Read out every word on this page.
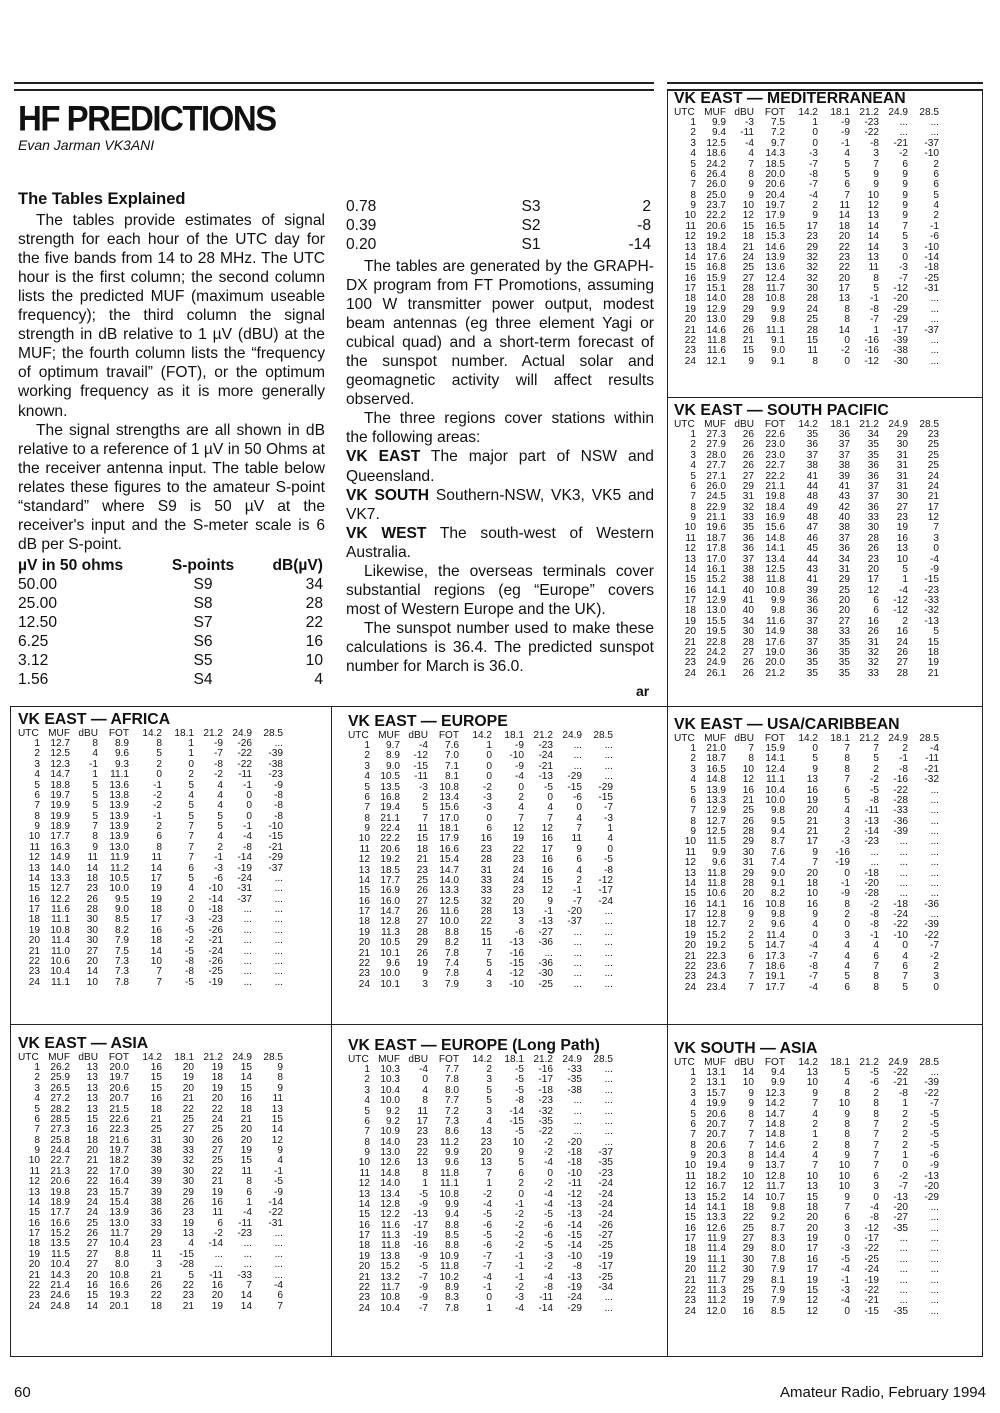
HF PREDICTIONS
Evan Jarman VK3ANI

The Tables Explained

The tables provide estimates of signal strength for each hour of the UTC day for the five bands from 14 to 28 MHz. The UTC hour is the first column; the second column lists the predicted MUF (maximum useable frequency); the third column the signal strength in dB relative to 1 µV (dBU) at the MUF; the fourth column lists the “frequency of optimum travail” (FOT), or the optimum working frequency as it is more generally known.

The signal strengths are all shown in dB relative to a reference of 1 µV in 50 Ohms at the receiver antenna input. The table below relates these figures to the amateur S-point “standard” where S9 is 50 µV at the receiver's input and the S-meter scale is 6 dB per S-point.

µV in 50 ohms	S-points	dB(µV)
50.00	S9	34
25.00	S8	28
12.50	S7	22
6.25	S6	16
3.12	S5	10
1.56	S4	4
0.78	S3	2
0.39	S2	-8
0.20	S1	-14

The tables are generated by the GRAPH-DX program from FT Promotions, assuming 100 W transmitter power output, modest beam antennas (eg three element Yagi or cubical quad) and a short-term forecast of the sunspot number. Actual solar and geomagnetic activity will affect results observed.

The three regions cover stations within the following areas:

VK EAST The major part of NSW and Queensland.

VK SOUTH Southern-NSW, VK3, VK5 and VK7.

VK WEST The south-west of Western Australia.

Likewise, the overseas terminals cover substantial regions (eg “Europe” covers most of Western Europe and the UK).

The sunspot number used to make these calculations is 36.4. The predicted sunspot number for March is 36.0.

ar
VK EAST — MEDITERRANEAN
UTC MUF dBU	FOT	14.2	18.1 21.2 24.9	28.5
1	9.9	-3	7.5	1	-9	-23	...	...
2	9.4	-11	7.2	0	-9	-22	...	...
3	12.5	-4	9.7	0	-1	-8	-21	-37
4	18.6	4	14.3	-3	4	3	-2	-10
5	24.2	7	18.5	-7	5	7	6	2
6	26.4	8	20.0	-8	5	9	9	6
7	26.0	9	20.6	-7	6	9	9	6
8	25.0	9	20.4	-4	7	10	9	5
9	23.7	10	19.7	2	11	12	9	4
10	22.2	12	17.9	9	14	13	9	2
11	20.6	15	16.5	17	18	14	7	-1
12	19.2	18	15.3	23	20	14	5	-6
13	18.4	21	14.6	29	22	14	3	-10
14	17.6	24	13.9	32	23	13	0	-14
15	16.8	25	13.6	32	22	11	-3	-18
16	15.9	27	12.4	32	20	8	-7	-25
17	15.1	28	11.7	30	17	5	-12	-31
18	14.0	28	10.8	28	13	-1	-20	...
19	12.9	29	9.9	24	8	-8	-29	...
20	13.0	29	9.8	25	8	-7	-29	...
21	14.6	26	11.1	28	14	1	-17	-37
22	11.8	21	9.1	15	0	-16	-39	...
23	11.6	15	9.0	11	-2	-16	-38	...
24	12.1	9	9.1	8	0	-12	-30	...
VK EAST — SOUTH PACIFIC
UTC MUF dBU	FOT	14.2	18.1 21.2 24.9	28.5
1	27.3	26	22.6	35	36	34	29	23
2	27.9	26	23.0	36	37	35	30	25
3	28.0	26	23.0	37	37	35	31	25
4	27.7	26	22.7	38	38	36	31	25
5	27.1	27	22.2	41	39	36	31	24
6	26.0	29	21.1	44	41	37	31	24
7	24.5	31	19.8	48	43	37	30	21
8	22.9	32	18.4	49	42	36	27	17
9	21.1	33	16.9	48	40	33	23	12
10	19.6	35	15.6	47	38	30	19	7
11	18.7	36	14.8	46	37	28	16	3
12	17.8	36	14.1	45	36	26	13	0
13	17.0	37	13.4	44	34	23	10	-4
14	16.1	38	12.5	43	31	20	5	-9
15	15.2	38	11.8	41	29	17	1	-15
16	14.1	40	10.8	39	25	12	-4	-23
17	12.9	41	9.9	36	20	6	-12	-33
18	13.0	40	9.8	36	20	6	-12	-32
19	15.5	34	11.6	37	27	16	2	-13
20	19.5	30	14.9	38	33	26	16	5
21	22.8	28	17.6	37	35	31	24	15
22	24.2	27	19.0	36	35	32	26	18
23	24.9	26	20.0	35	35	32	27	19
24	26.1	26	21.2	35	35	33	28	21
VK EAST — AFRICA
UTC MUF dBU	FOT	14.2	18.1 21.2 24.9	28.5
1	12.7	8	8.9	8	1	-9	-26	...
2	12.5	4	9.6	5	1	-7	-22	-39
3	12.3	-1	9.3	2	0	-8	-22	-38
4	14.7	1	11.1	0	2	-2	-11	-23
5	18.8	5	13.6	-1	5	4	-1	-9
6	19.7	5	13.8	-2	4	4	0	-8
7	19.9	5	13.9	-2	5	4	0	-8
8	19.9	5	13.9	-1	5	5	0	-8
9	18.9	7	13.9	2	7	5	-1	-10
10	17.7	8	13.9	6	7	4	-4	-15
11	16.3	9	13.0	8	7	2	-8	-21
12	14.9	11	11.9	11	7	-1	-14	-29
13	14.0	14	11.2	14	6	-3	-19	-37
14	13.3	18	10.5	17	5	-6	-24	...
15	12.7	23	10.0	19	4	-10	-31	...
16	12.2	26	9.5	19	2	-14	-37	...
17	11.6	28	9.0	18	0	-18	...	...
18	11.1	30	8.5	17	-3	-23	...	...
19	10.8	30	8.2	16	-5	-26	...	...
20	11.4	30	7.9	18	-2	-21	...	...
21	11.0	27	7.5	14	-5	-24	...	...
22	10.6	20	7.3	10	-8	-26	...	...
23	10.4	14	7.3	7	-8	-25	...	...
24	11.1	10	7.8	7	-5	-19	...	...
VK EAST — EUROPE
UTC MUF dBU	FOT	14.2	18.1 21.2 24.9	28.5
1	9.7	-4	7.6	1	-9	-23	...	...
2	8.9	-12	7.0	0	-10	-24	...	...
3	9.0	-15	7.1	0	-9	-21	...	...
4	10.5	-11	8.1	0	-4	-13	-29	...
5	13.5	-3	10.8	-2	0	-5	-15	-29
6	16.8	2	13.4	-3	2	0	-6	-15
7	19.4	5	15.6	-3	4	4	0	-7
8	21.1	7	17.0	0	7	7	4	-3
9	22.4	11	18.1	6	12	12	7	1
10	22.2	15	17.9	16	19	16	11	4
11	20.6	18	16.6	23	22	17	9	0
12	19.2	21	15.4	28	23	16	6	-5
13	18.5	23	14.7	31	24	16	4	-8
14	17.7	25	14.0	33	24	15	2	-12
15	16.9	26	13.3	33	23	12	-1	-17
16	16.0	27	12.5	32	20	9	-7	-24
17	14.7	26	11.6	28	13	-1	-20	...
18	12.8	27	10.0	22	3	-13	-37	...
19	11.3	28	8.8	15	-6	-27	...	...
20	10.5	29	8.2	11	-13	-36	...	...
21	10.1	26	7.8	7	-16	...	...	...
22	9.6	19	7.4	5	-15	-36	...	...
23	10.0	9	7.8	4	-12	-30	...	...
24	10.1	3	7.9	3	-10	-25	...	...
VK EAST — USA/CARIBBEAN
UTC MUF dBU	FOT	14.2	18.1 21.2 24.9	28.5
1	21.0	7	15.9	0	7	7	2	-4
2	18.7	8	14.1	5	8	5	-1	-11
3	16.5	10	12.4	9	8	2	-8	-21
4	14.8	12	11.1	13	7	-2	-16	-32
5	13.9	16	10.4	16	6	-5	-22	...
6	13.3	21	10.0	19	5	-8	-28	...
7	12.9	25	9.8	20	4	-11	-33	...
8	12.7	26	9.5	21	3	-13	-36	...
9	12.5	28	9.4	21	2	-14	-39	...
10	11.5	29	8.7	17	-3	-23	...	...
11	9.9	30	7.6	9	-16	...	...	...
12	9.6	31	7.4	7	-19	...	...	...
13	11.8	29	9.0	20	0	-18	...	...
14	11.8	28	9.1	18	-1	-20	...	...
15	10.6	20	8.2	10	-9	-28	...	...
16	14.1	16	10.8	16	8	-2	-18	-36
17	12.8	9	9.8	9	2	-8	-24	...
18	12.7	2	9.6	4	0	-8	-22	-39
19	15.2	2	11.4	0	3	-1	-10	-22
20	19.2	5	14.7	-4	4	4	0	-7
21	22.3	6	17.3	-7	4	6	4	-2
22	23.6	7	18.6	-8	4	7	6	2
23	24.3	7	19.1	-7	5	8	7	3
24	23.4	7	17.7	-4	6	8	5	0
VK EAST — ASIA
UTC MUF dBU	FOT	14.2	18.1 21.2 24.9	28.5
1	26.2	13	20.0	16	20	19	15	9
2	25.9	13	19.7	15	19	18	14	8
3	26.5	13	20.6	15	20	19	15	9
4	27.2	13	20.7	16	21	20	16	11
5	28.2	13	21.5	18	22	22	18	13
6	28.5	15	22.6	21	25	24	21	15
7	27.3	16	22.3	25	27	25	20	14
8	25.8	18	21.6	31	30	26	20	12
9	24.4	20	19.7	38	33	27	19	9
10	22.7	21	18.2	39	32	25	15	4
11	21.3	22	17.0	39	30	22	11	-1
12	20.6	22	16.4	39	30	21	8	-5
13	19.8	23	15.7	39	29	19	6	-9
14	18.9	24	15.4	38	26	16	1	-14
15	17.7	24	13.9	36	23	11	-4	-22
16	16.6	25	13.0	33	19	6	-11	-31
17	15.2	26	11.7	29	13	-2	-23	...
18	13.5	27	10.4	23	4	-14	...	...
19	11.5	27	8.8	11	-15	...	...	...
20	10.4	27	8.0	3	-28	...	...	...
21	14.3	20	10.8	21	5	-11	-33	...
22	21.4	16	16.6	26	22	16	7	-4
23	24.6	15	19.3	22	23	20	14	6
24	24.8	14	20.1	18	21	19	14	7
VK EAST — EUROPE (Long Path)
UTC MUF dBU	FOT	14.2	18.1 21.2 24.9	28.5
1	10.3	-4	7.7	2	-5	-16	-33	...
2	10.3	0	7.8	3	-5	-17	-35	...
3	10.4	4	8.0	5	-5	-18	-38	...
4	10.0	8	7.7	5	-8	-23	...	...
5	9.2	11	7.2	3	-14	-32	...	...
6	9.2	17	7.3	4	-15	-35	...	...
7	10.9	23	8.6	13	-5	-22	...	...
8	14.0	23	11.2	23	10	-2	-20	...
9	13.0	22	9.9	20	9	-2	-18	-37
10	12.6	13	9.6	13	5	-4	-18	-35
11	14.8	8	11.8	7	6	0	-10	-23
12	14.0	1	11.1	1	2	-2	-11	-24
13	13.4	-5	10.8	-2	0	-4	-12	-24
14	12.8	-9	9.9	-4	-1	-4	-13	-24
15	12.2	-13	9.4	-5	-2	-5	-13	-24
16	11.6	-17	8.8	-6	-2	-6	-14	-26
17	11.3	-19	8.5	-5	-2	-6	-15	-27
18	11.8	-16	8.8	-6	-2	-5	-14	-25
19	13.8	-9	10.9	-7	-1	-3	-10	-19
20	15.2	-5	11.8	-7	-1	-2	-8	-17
21	13.2	-7	10.2	-4	-1	-4	-13	-25
22	11.7	-9	8.9	-1	-2	-8	-19	-34
23	10.8	-9	8.3	0	-3	-11	-24	...
24	10.4	-7	7.8	1	-4	-14	-29	...
VK SOUTH — ASIA
UTC MUF dBU	FOT	14.2	18.1 21.2 24.9	28.5
1	13.1	14	9.4	13	5	-5	-22	...
2	13.1	10	9.9	10	4	-6	-21	-39
3	15.7	9	12.3	9	8	2	-8	-22
4	19.9	9	14.2	7	10	8	1	-7
5	20.6	8	14.7	4	9	8	2	-5
6	20.7	7	14.8	2	8	7	2	-5
7	20.7	7	14.8	1	8	7	2	-5
8	20.6	7	14.6	2	8	7	2	-5
9	20.3	8	14.4	4	9	7	1	-6
10	19.4	9	13.7	7	10	7	0	-9
11	18.2	10	12.8	10	10	6	-2	-13
12	16.7	12	11.7	13	10	3	-7	-20
13	15.2	14	10.7	15	9	0	-13	-29
14	14.1	18	9.8	18	7	-4	-20	...
15	13.3	22	9.2	20	6	-8	-27	...
16	12.6	25	8.7	20	3	-12	-35	...
17	11.9	27	8.3	19	0	-17	...	...
18	11.4	29	8.0	17	-3	-22	...	...
19	11.1	30	7.8	16	-5	-25	...	...
20	11.2	30	7.9	17	-4	-24	...	...
21	11.7	29	8.1	19	-1	-19	...	...
22	11.3	25	7.9	15	-3	-22	...	...
23	11.2	19	7.9	12	-4	-21	...	...
24	12.0	16	8.5	12	0	-15	-35	...
60	Amateur Radio, February 1994
